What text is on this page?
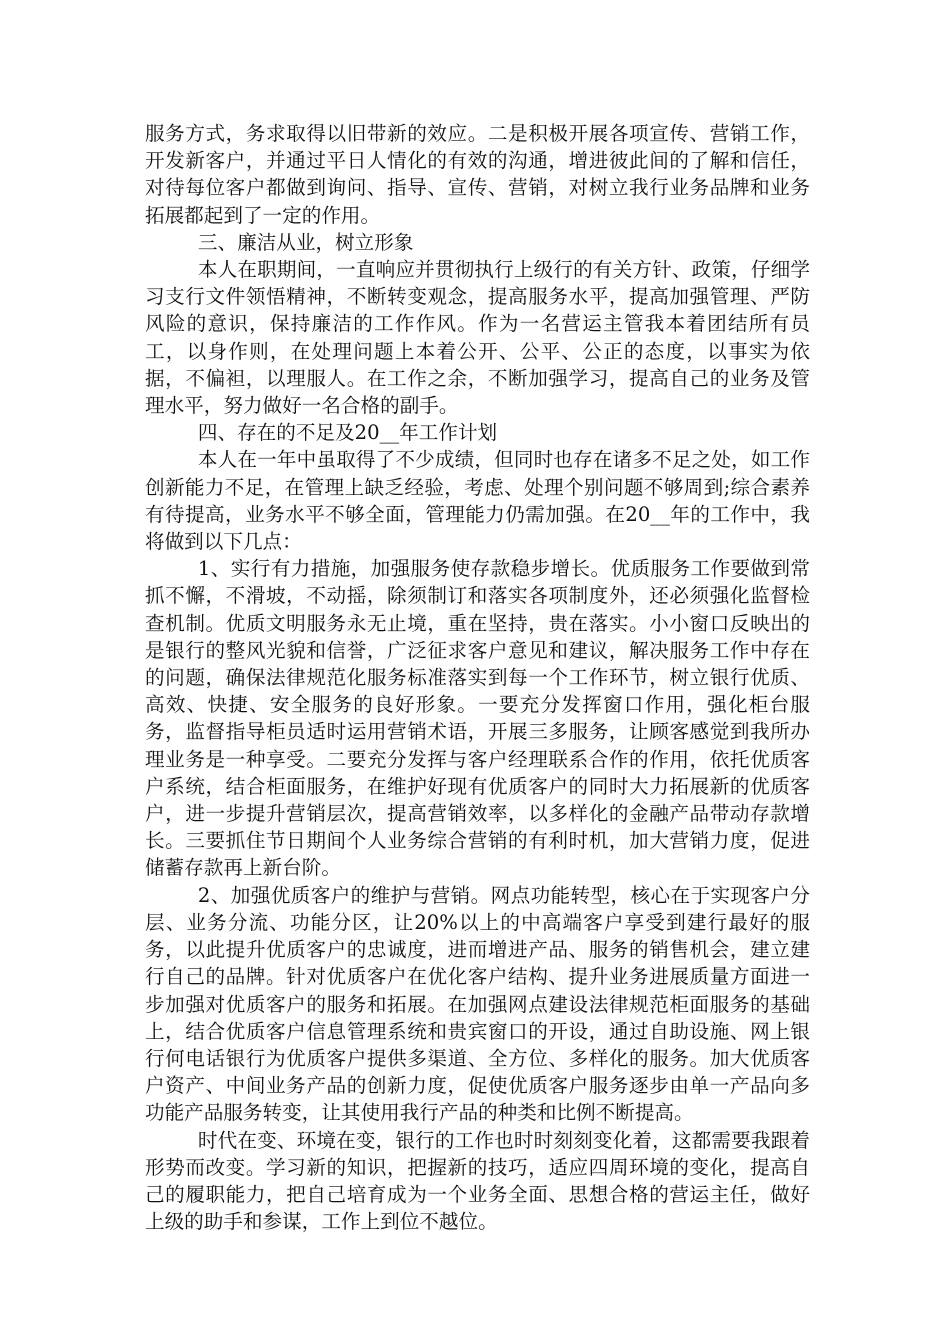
服务方式，务求取得以旧带新的效应。二是积极开展各项宣传、营销工作，开发新客户，并通过平日人情化的有效的沟通，增进彼此间的了解和信任，对待每位客户都做到询问、指导、宣传、营销，对树立我行业务品牌和业务拓展都起到了一定的作用。

三、廉洁从业，树立形象

本人在职期间，一直响应并贯彻执行上级行的有关方针、政策，仔细学习支行文件领悟精神，不断转变观念，提高服务水平，提高加强管理、严防风险的意识，保持廉洁的工作作风。作为一名营运主管我本着团结所有员工，以身作则，在处理问题上本着公开、公平、公正的态度，以事实为依据，不偏袒，以理服人。在工作之余，不断加强学习，提高自己的业务及管理水平，努力做好一名合格的副手。

四、存在的不足及20__年工作计划

本人在一年中虽取得了不少成绩，但同时也存在诸多不足之处，如工作创新能力不足，在管理上缺乏经验，考虑、处理个别问题不够周到;综合素养有待提高，业务水平不够全面，管理能力仍需加强。在20__年的工作中，我将做到以下几点：

1、实行有力措施，加强服务使存款稳步增长。优质服务工作要做到常抓不懈，不滑坡，不动摇，除须制订和落实各项制度外，还必须强化监督检查机制。优质文明服务永无止境，重在坚持，贵在落实。小小窗口反映出的是银行的整风光貌和信誉，广泛征求客户意见和建议，解决服务工作中存在的问题，确保法律规范化服务标准落实到每一个工作环节，树立银行优质、高效、快捷、安全服务的良好形象。一要充分发挥窗口作用，强化柜台服务，监督指导柜员适时运用营销术语，开展三多服务，让顾客感觉到我所办理业务是一种享受。二要充分发挥与客户经理联系合作的作用，依托优质客户系统，结合柜面服务，在维护好现有优质客户的同时大力拓展新的优质客户，进一步提升营销层次，提高营销效率，以多样化的金融产品带动存款增长。三要抓住节日期间个人业务综合营销的有利时机，加大营销力度，促进储蓄存款再上新台阶。

2、加强优质客户的维护与营销。网点功能转型，核心在于实现客户分层、业务分流、功能分区，让20%以上的中高端客户享受到建行最好的服务，以此提升优质客户的忠诚度，进而增进产品、服务的销售机会，建立建行自己的品牌。针对优质客户在优化客户结构、提升业务进展质量方面进一步加强对优质客户的服务和拓展。在加强网点建设法律规范柜面服务的基础上，结合优质客户信息管理系统和贵宾窗口的开设，通过自助设施、网上银行何电话银行为优质客户提供多渠道、全方位、多样化的服务。加大优质客户资产、中间业务产品的创新力度，促使优质客户服务逐步由单一产品向多功能产品服务转变，让其使用我行产品的种类和比例不断提高。

时代在变、环境在变，银行的工作也时时刻刻变化着，这都需要我跟着形势而改变。学习新的知识，把握新的技巧，适应四周环境的变化，提高自己的履职能力，把自己培育成为一个业务全面、思想合格的营运主任，做好上级的助手和参谋，工作上到位不越位。
